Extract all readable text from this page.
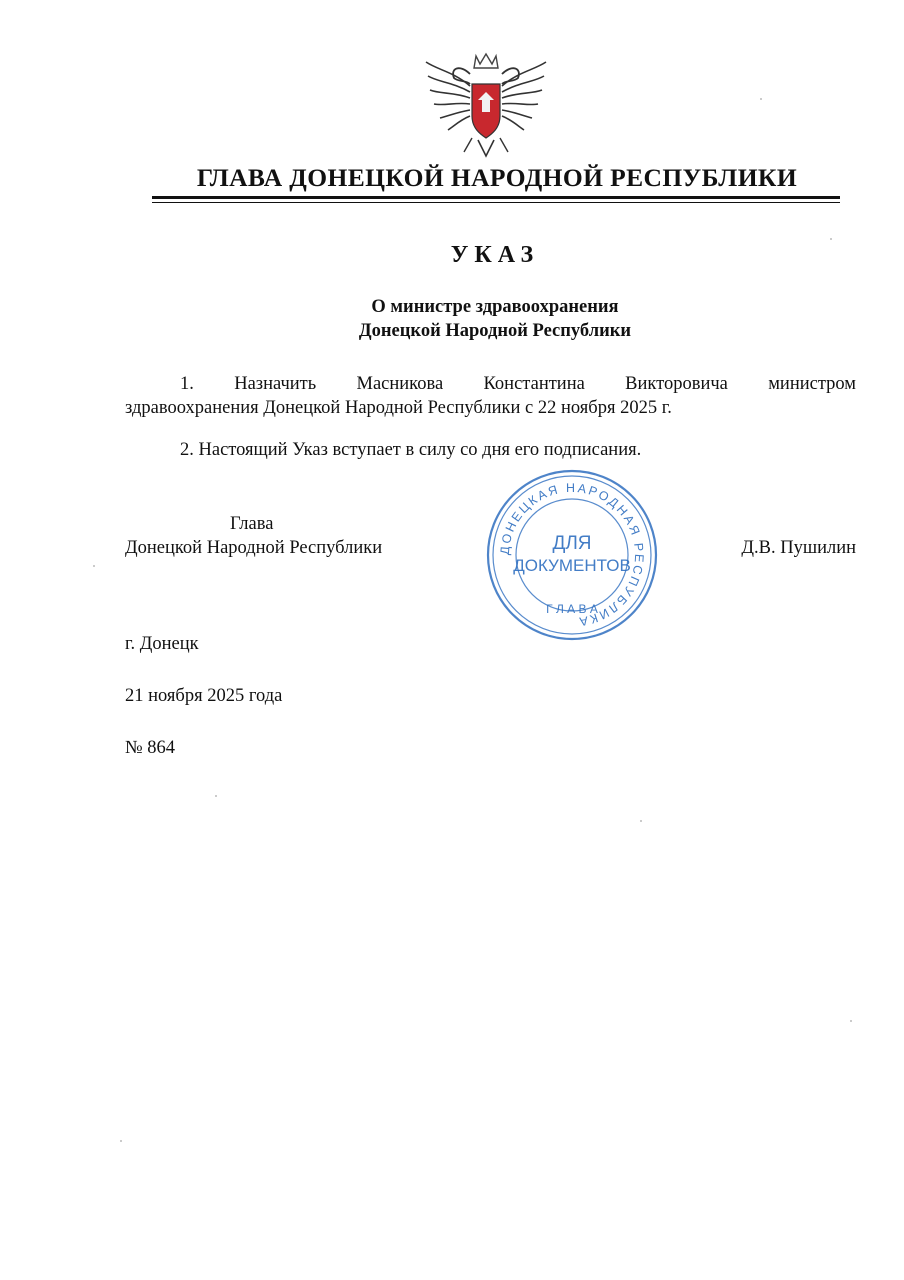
ГЛАВА ДОНЕЦКОЙ НАРОДНОЙ РЕСПУБЛИКИ
УКАЗ
О министре здравоохранения
Донецкой Народной Республики
1. Назначить Масникова Константина Викторовича министром
здравоохранения Донецкой Народной Республики с 22 ноября 2025 г.
2. Настоящий Указ вступает в силу со дня его подписания.
Глава
Донецкой Народной Республики	Д.В. Пушилин
ДОНЕЦКАЯ НАРОДНАЯ РЕСПУБЛИКА
Г Л А В А
ДЛЯ
ДОКУМЕНТОВ
г. Донецк
21 ноября 2025 года
№ 864
